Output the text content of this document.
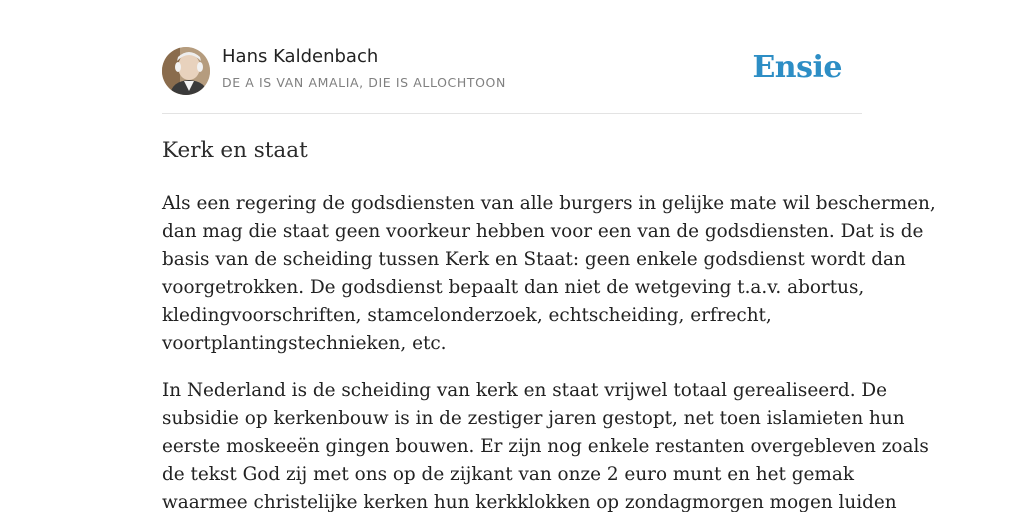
Hans Kaldenbach
DE A IS VAN AMALIA, DIE IS ALLOCHTOON	Ensie
Kerk en staat

Als een regering de godsdiensten van alle burgers in gelijke mate wil beschermen,
dan mag die staat geen voorkeur hebben voor een van de godsdiensten. Dat is de
basis van de scheiding tussen Kerk en Staat: geen enkele godsdienst wordt dan
voorgetrokken. De godsdienst bepaalt dan niet de wetgeving t.a.v. abortus,
kledingvoorschriften, stamcelonderzoek, echtscheiding, erfrecht,
voortplantingstechnieken, etc.

In Nederland is de scheiding van kerk en staat vrijwel totaal gerealiseerd. De
subsidie op kerkenbouw is in de zestiger jaren gestopt, net toen islamieten hun
eerste moskeeën gingen bouwen. Er zijn nog enkele restanten overgebleven zoals
de tekst God zij met ons op de zijkant van onze 2 euro munt en het gemak
waarmee christelijke kerken hun kerkklokken op zondagmorgen mogen luiden
